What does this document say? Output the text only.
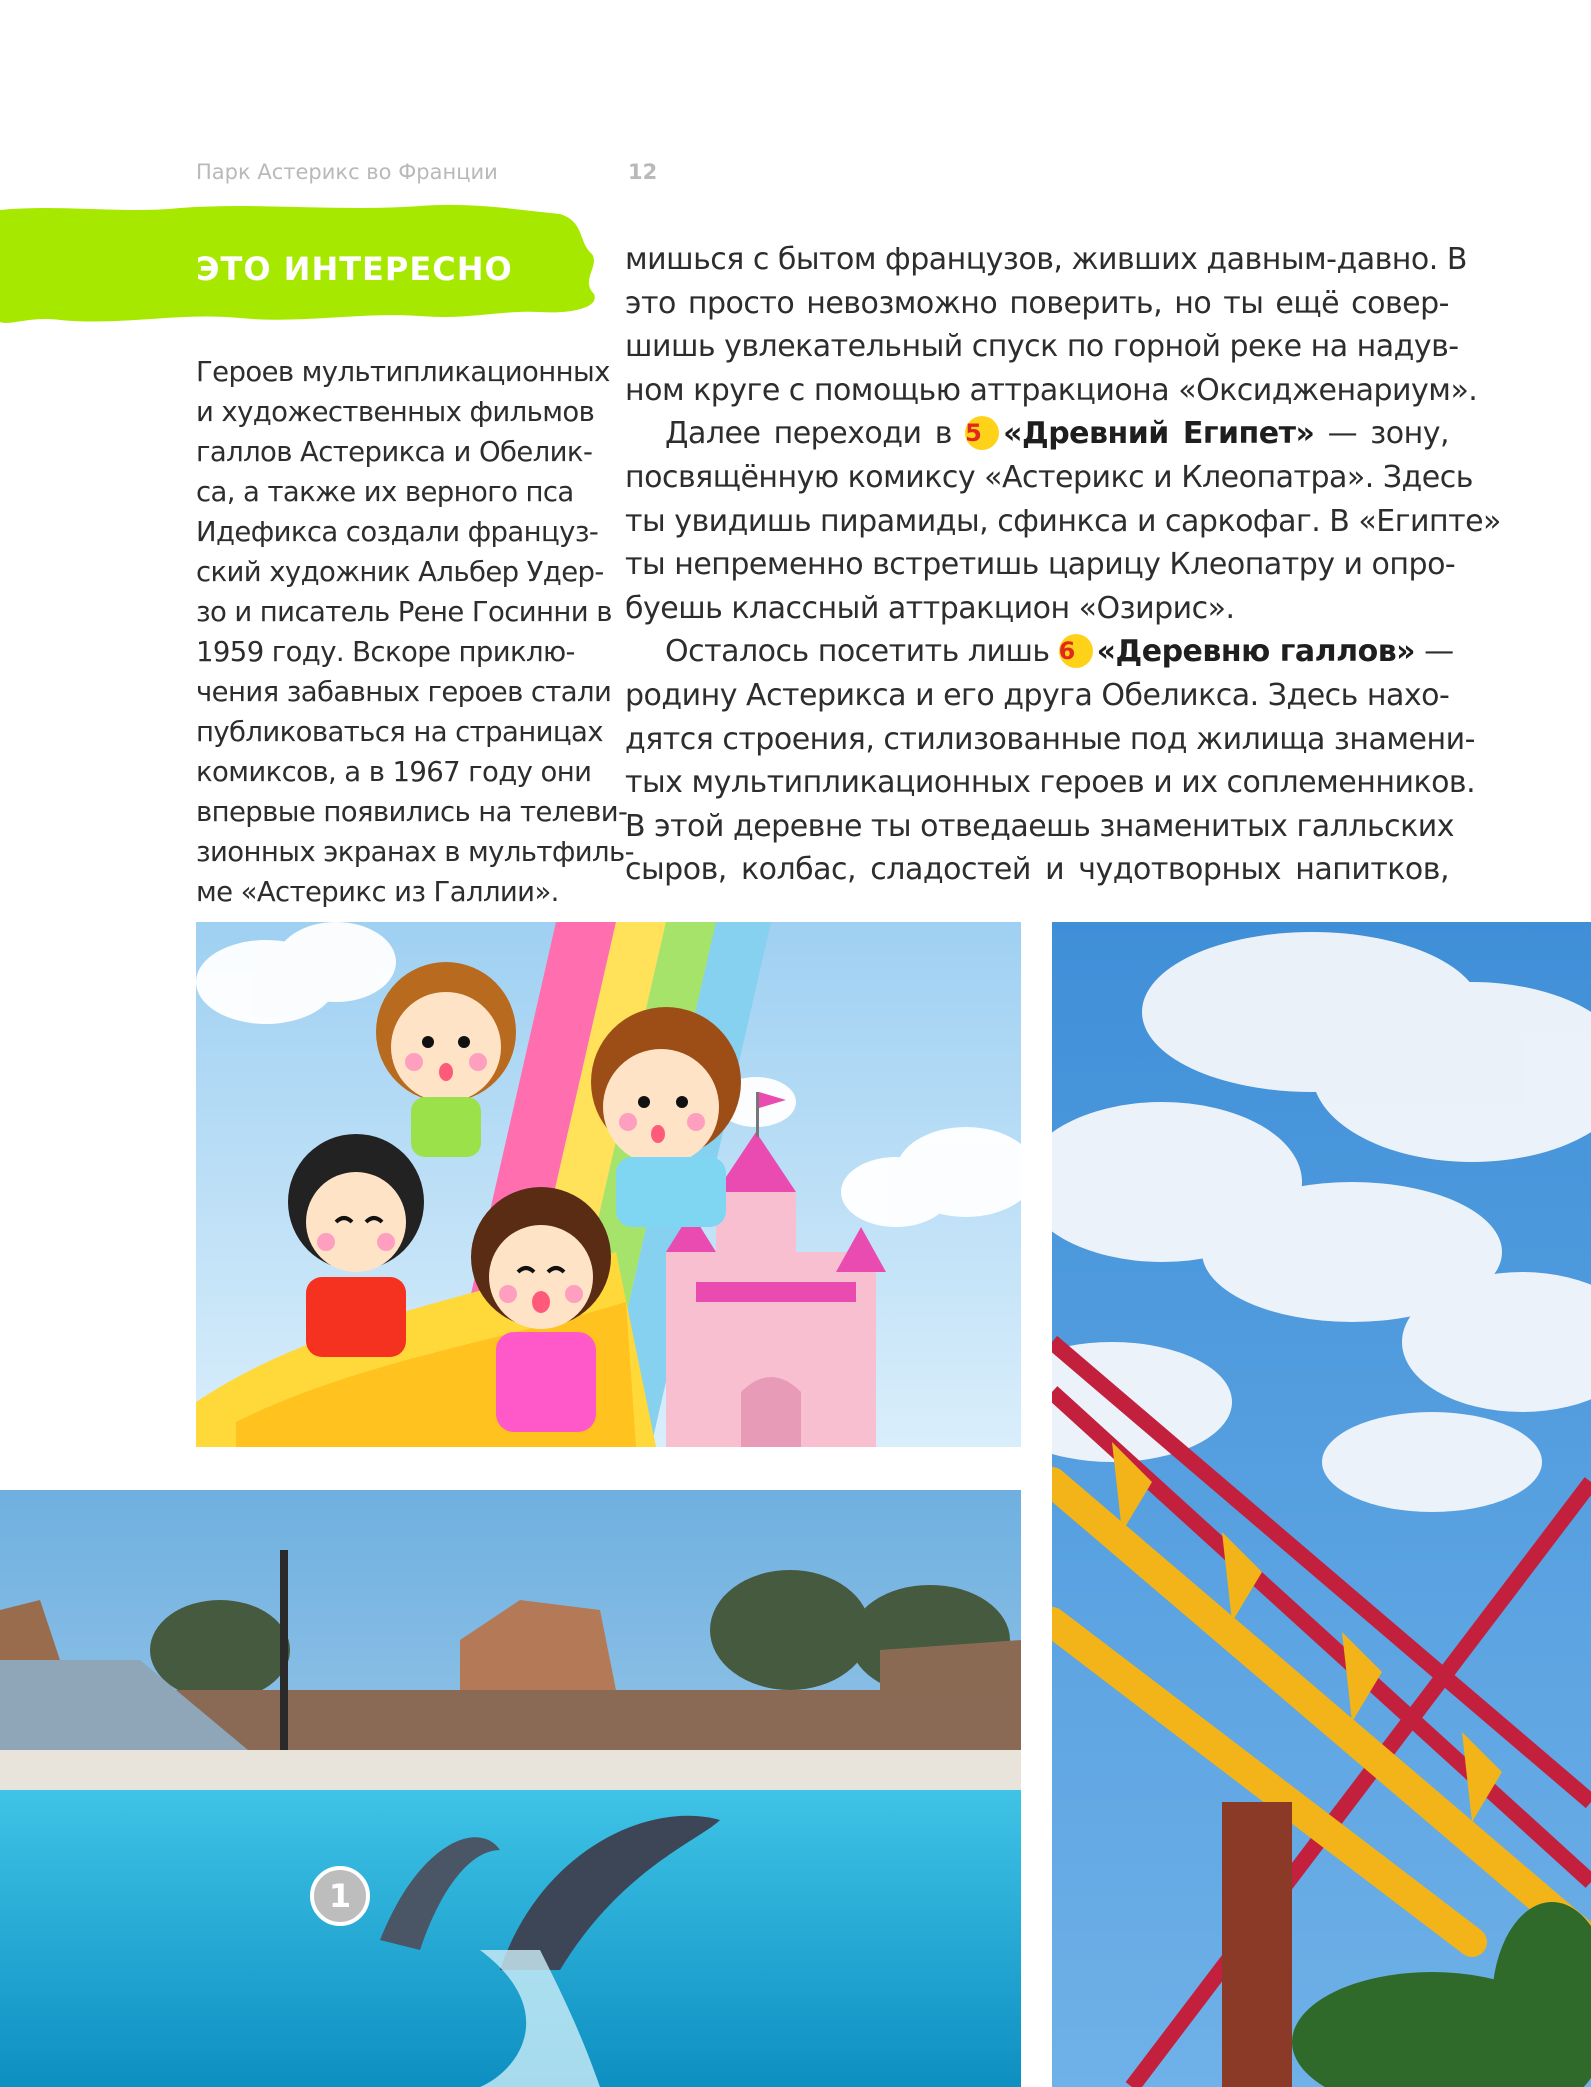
Парк Астерикс во Франции	12
ЭТО ИНТЕРЕСНО

Героев мультипликационных

и художественных фильмов

галлов Астерикса и Обелик-

са, а также их верного пса

Идефикса создали француз-

ский художник Альбер Удер-

зо и писатель Рене Госинни в

1959 году. Вскоре приклю-

чения забавных героев стали

публиковаться на страницах

комиксов, а в 1967 году они

впервые появились на телеви-

зионных экранах в мультфиль-

ме «Астерикс из Галлии».

мишься с бытом французов, живших давным-давно. В
это просто невозможно поверить, но ты ещё совер-
шишь увлекательный спуск по горной реке на надув-
ном круге с помощью аттракциона «Оксидженариум».
Далее переходи в 5 «Древний Египет» — зону,
посвящённую комиксу «Астерикс и Клеопатра». Здесь
ты увидишь пирамиды, сфинкса и саркофаг. В «Египте»
ты непременно встретишь царицу Клеопатру и опро-
буешь классный аттракцион «Озирис».
Осталось посетить лишь 6 «Деревню галлов» —
родину Астерикса и его друга Обеликса. Здесь нахо-
дятся строения, стилизованные под жилища знамени-
тых мультипликационных героев и их соплеменников.
В этой деревне ты отведаешь знаменитых галльских
сыров, колбас, сладостей и чудотворных напитков,
1
